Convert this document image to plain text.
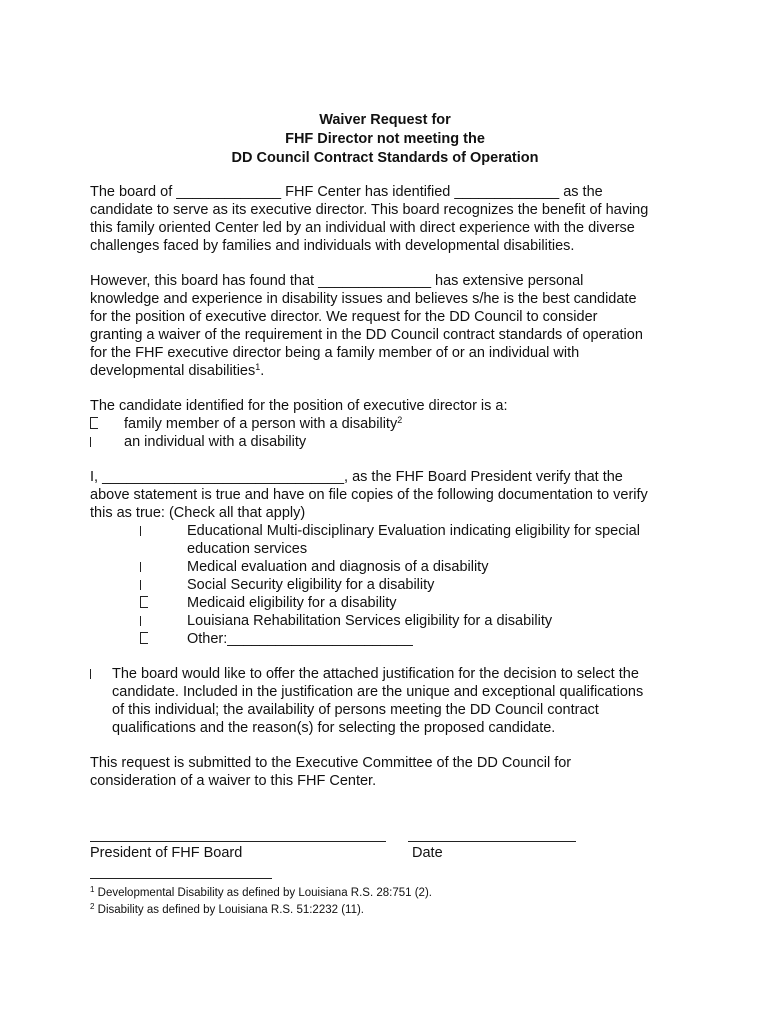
Waiver Request for
FHF Director not meeting the
DD Council Contract Standards of Operation
The board of _____________ FHF Center has identified _____________ as the
candidate to serve as its executive director. This board recognizes the benefit of having
this family oriented Center led by an individual with direct experience with the diverse
challenges faced by families and individuals with developmental disabilities.
However, this board has found that ______________ has extensive personal
knowledge and experience in disability issues and believes s/he is the best candidate
for the position of executive director. We request for the DD Council to consider
granting a waiver of the requirement in the DD Council contract standards of operation
for the FHF executive director being a family member of or an individual with
developmental disabilities$^1$.
The candidate identified for the position of executive director is a:
family member of a person with a disability$^2$
an individual with a disability
I, ______________________________, as the FHF Board President verify that the
above statement is true and have on file copies of the following documentation to verify
this as true: (Check all that apply)
Educational Multi-disciplinary Evaluation indicating eligibility for special
education services
Medical evaluation and diagnosis of a disability
Social Security eligibility for a disability
Medicaid eligibility for a disability
Louisiana Rehabilitation Services eligibility for a disability
Other:_______________________
The board would like to offer the attached justification for the decision to select the
candidate. Included in the justification are the unique and exceptional qualifications
of this individual; the availability of persons meeting the DD Council contract
qualifications and the reason(s) for selecting the proposed candidate.
This request is submitted to the Executive Committee of the DD Council for
consideration of a waiver to this FHF Center.
President of FHF Board	Date
$^1$ Developmental Disability as defined by Louisiana R.S. 28:751 (2).
$^2$ Disability as defined by Louisiana R.S. 51:2232 (11).
